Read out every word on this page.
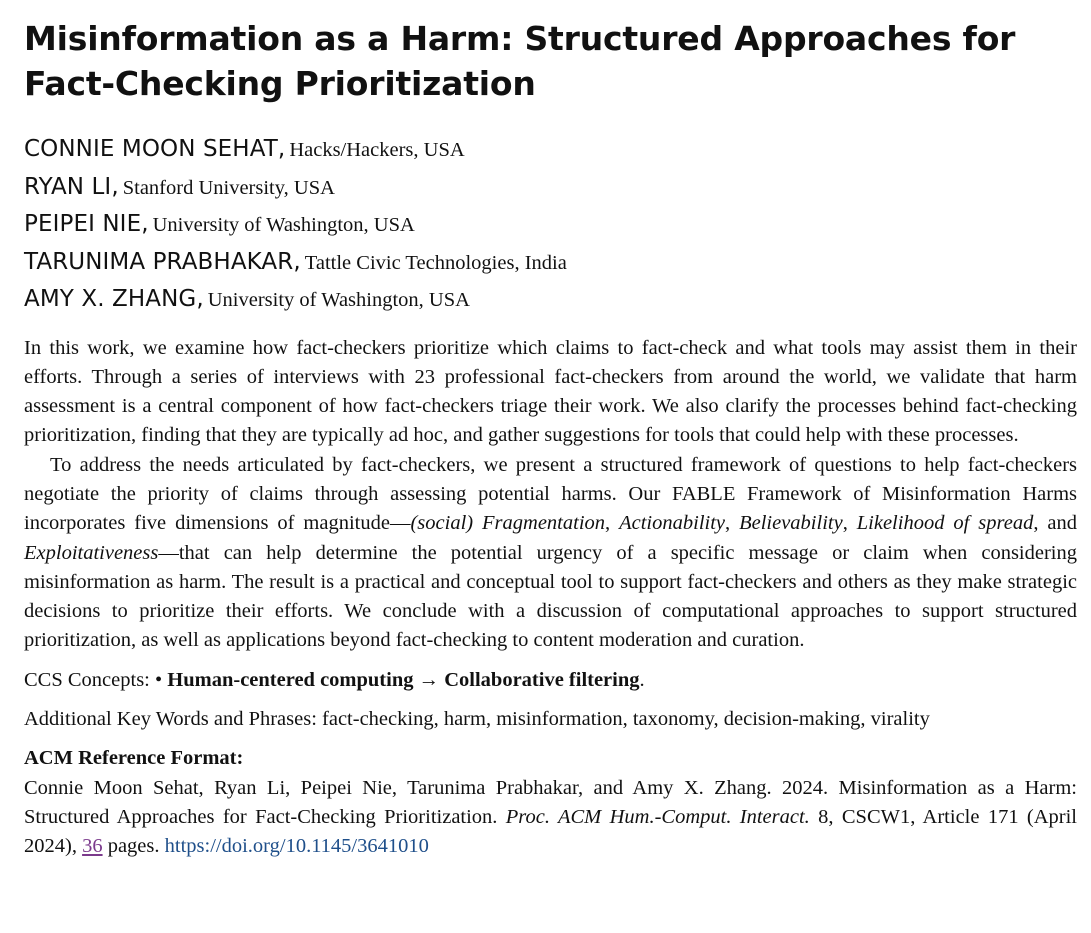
Misinformation as a Harm: Structured Approaches for Fact-Checking Prioritization
CONNIE MOON SEHAT, Hacks/Hackers, USA
RYAN LI, Stanford University, USA
PEIPEI NIE, University of Washington, USA
TARUNIMA PRABHAKAR, Tattle Civic Technologies, India
AMY X. ZHANG, University of Washington, USA

In this work, we examine how fact-checkers prioritize which claims to fact-check and what tools may assist them in their efforts. Through a series of interviews with 23 professional fact-checkers from around the world, we validate that harm assessment is a central component of how fact-checkers triage their work. We also clarify the processes behind fact-checking prioritization, finding that they are typically ad hoc, and gather suggestions for tools that could help with these processes.

To address the needs articulated by fact-checkers, we present a structured framework of questions to help fact-checkers negotiate the priority of claims through assessing potential harms. Our FABLE Framework of Misinformation Harms incorporates five dimensions of magnitude—(social) Fragmentation, Actionability, Believability, Likelihood of spread, and Exploitativeness—that can help determine the potential urgency of a specific message or claim when considering misinformation as harm. The result is a practical and conceptual tool to support fact-checkers and others as they make strategic decisions to prioritize their efforts. We conclude with a discussion of computational approaches to support structured prioritization, as well as applications beyond fact-checking to content moderation and curation.

CCS Concepts: • Human-centered computing → Collaborative filtering.
Additional Key Words and Phrases: fact-checking, harm, misinformation, taxonomy, decision-making, virality
ACM Reference Format:
Connie Moon Sehat, Ryan Li, Peipei Nie, Tarunima Prabhakar, and Amy X. Zhang. 2024. Misinformation as a Harm: Structured Approaches for Fact-Checking Prioritization. Proc. ACM Hum.-Comput. Interact. 8, CSCW1, Article 171 (April 2024), 36 pages. https://doi.org/10.1145/3641010
